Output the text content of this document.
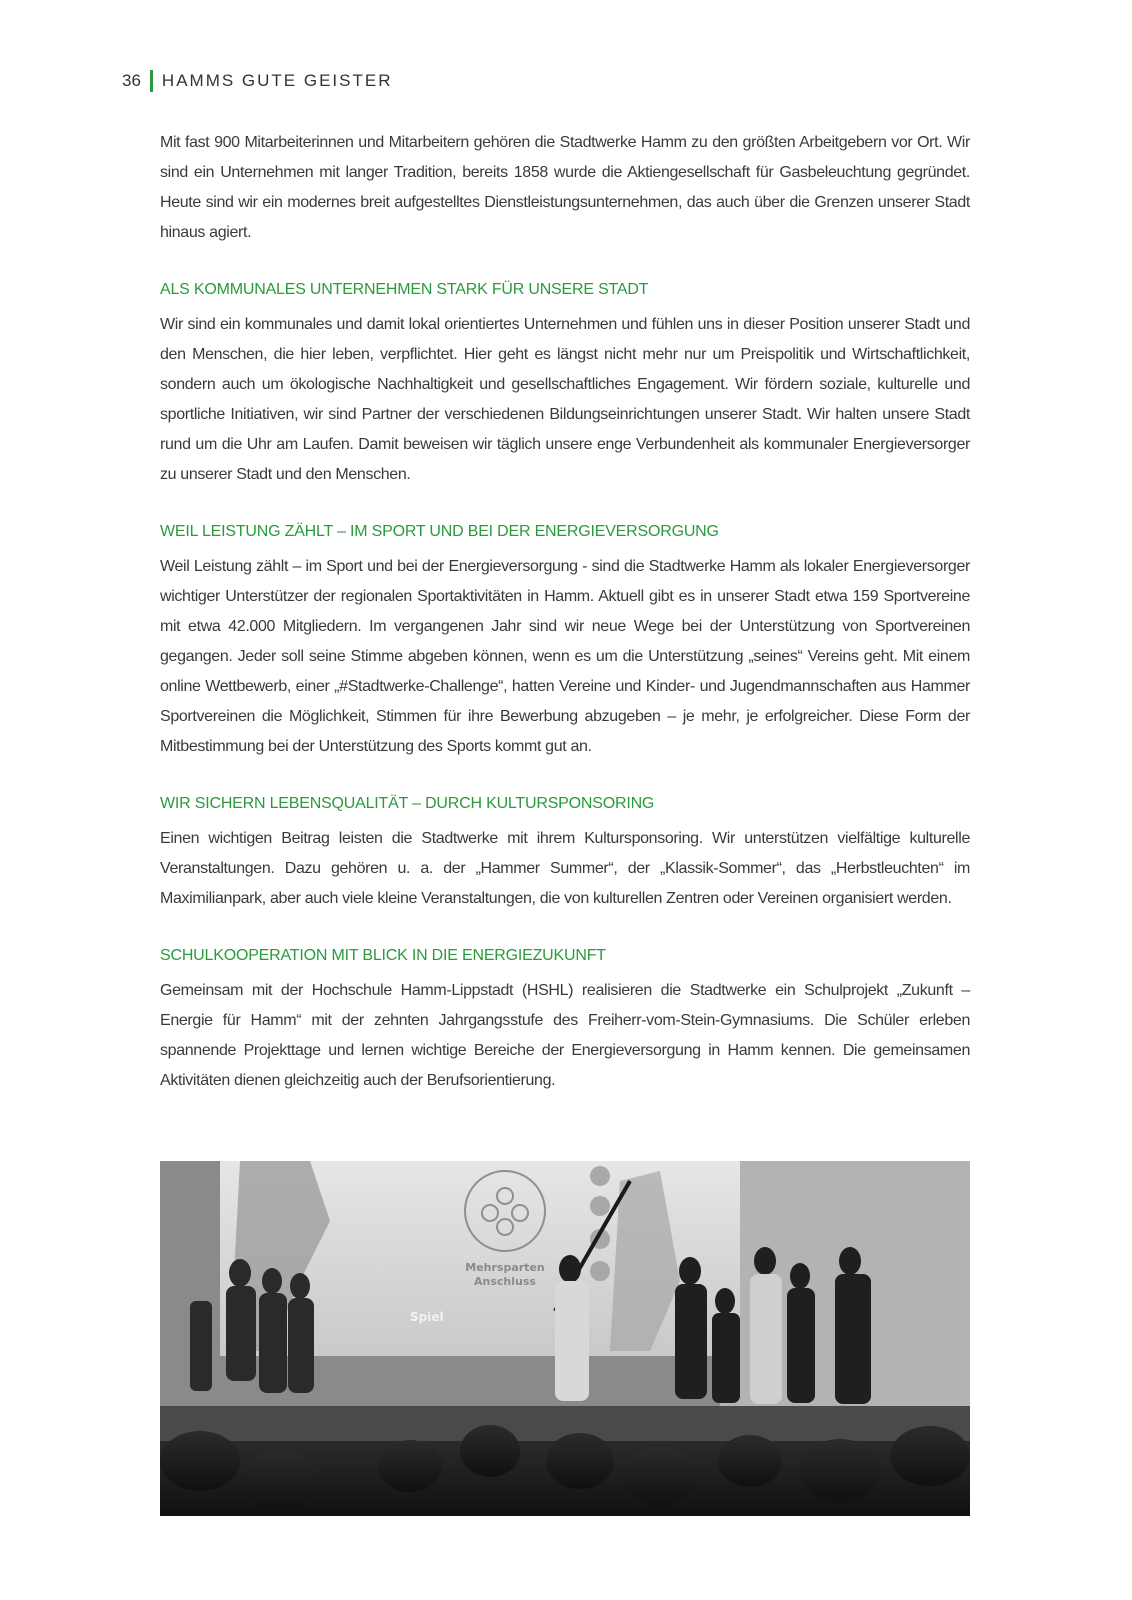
36 HAMMS GUTE GEISTER

Mit fast 900 Mitarbeiterinnen und Mitarbeitern gehören die Stadtwerke Hamm zu den größten Arbeitgebern vor Ort. Wir sind ein Unternehmen mit langer Tradition, bereits 1858 wurde die Aktiengesellschaft für Gasbeleuchtung gegründet. Heute sind wir ein modernes breit aufgestelltes Dienstleistungsunternehmen, das auch über die Grenzen unserer Stadt hinaus agiert.

ALS KOMMUNALES UNTERNEHMEN STARK FÜR UNSERE STADT

Wir sind ein kommunales und damit lokal orientiertes Unternehmen und fühlen uns in dieser Position unserer Stadt und den Menschen, die hier leben, verpflichtet. Hier geht es längst nicht mehr nur um Preispolitik und Wirtschaftlichkeit, sondern auch um ökologische Nachhaltigkeit und gesellschaftliches Engagement. Wir fördern soziale, kulturelle und sportliche Initiativen, wir sind Partner der verschiedenen Bildungseinrichtungen unserer Stadt. Wir halten unsere Stadt rund um die Uhr am Laufen. Damit beweisen wir täglich unsere enge Verbundenheit als kommunaler Energieversorger zu unserer Stadt und den Menschen.

WEIL LEISTUNG ZÄHLT – IM SPORT UND BEI DER ENERGIEVERSORGUNG

Weil Leistung zählt – im Sport und bei der Energieversorgung - sind die Stadtwerke Hamm als lokaler Energieversorger wichtiger Unterstützer der regionalen Sportaktivitäten in Hamm. Aktuell gibt es in unserer Stadt etwa 159 Sportvereine mit etwa 42.000 Mitgliedern. Im vergangenen Jahr sind wir neue Wege bei der Unterstützung von Sportvereinen gegangen. Jeder soll seine Stimme abgeben können, wenn es um die Unterstützung „seines“ Vereins geht. Mit einem online Wettbewerb, einer „#Stadtwerke-Challenge“, hatten Vereine und Kinder- und Jugendmannschaften aus Hammer Sportvereinen die Möglichkeit, Stimmen für ihre Bewerbung abzugeben – je mehr, je erfolgreicher. Diese Form der Mitbestimmung bei der Unterstützung des Sports kommt gut an.

WIR SICHERN LEBENSQUALITÄT – DURCH KULTURSPONSORING

Einen wichtigen Beitrag leisten die Stadtwerke mit ihrem Kultursponsoring. Wir unterstützen vielfältige kulturelle Veranstaltungen. Dazu gehören u. a. der „Hammer Summer“, der „Klassik-Sommer“, das „Herbstleuchten“ im Maximilianpark, aber auch viele kleine Veranstaltungen, die von kulturellen Zentren oder Vereinen organisiert werden.

SCHULKOOPERATION MIT BLICK IN DIE ENERGIEZUKUNFT

Gemeinsam mit der Hochschule Hamm-Lippstadt (HSHL) realisieren die Stadtwerke ein Schulprojekt „Zukunft – Energie für Hamm“ mit der zehnten Jahrgangsstufe des Freiherr-vom-Stein-Gymnasiums. Die Schüler erleben spannende Projekttage und lernen wichtige Bereiche der Energieversorgung in Hamm kennen. Die gemeinsamen Aktivitäten dienen gleichzeitig auch der Berufsorientierung.

Mehrsparten
Anschluss
Spiel
